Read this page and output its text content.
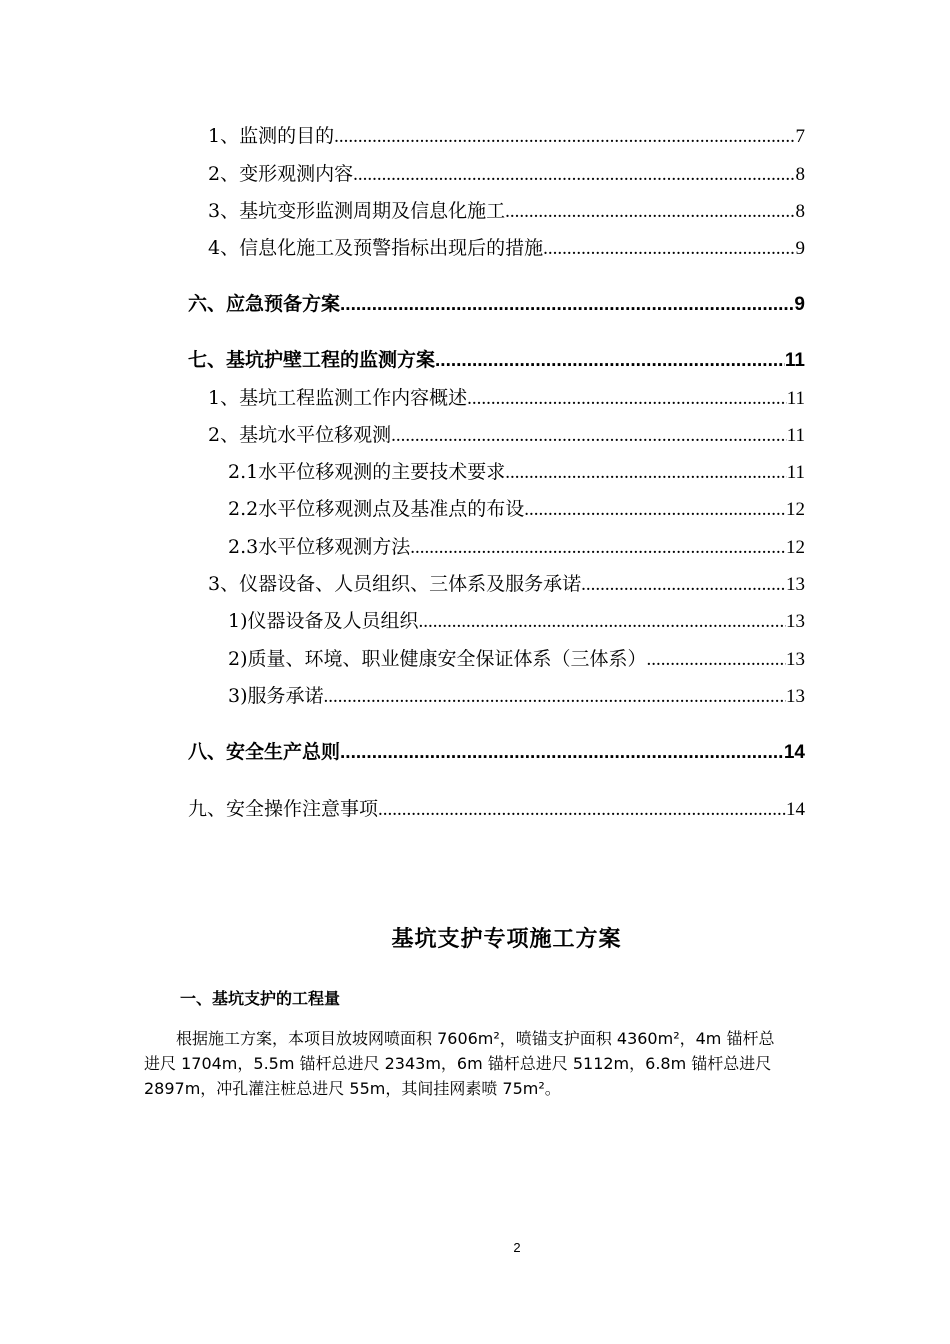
1、监测的目的 .....	7
2、变形观测内容 .....	8
3、基坑变形监测周期及信息化施工 .....	8
4、信息化施工及预警指标出现后的措施 .....	9
六、应急预备方案 .....	9
七、基坑护壁工程的监测方案 .....	11
1、基坑工程监测工作内容概述 .....	11
2、基坑水平位移观测 .....	11
2.1水平位移观测的主要技术要求 .....	11
2.2水平位移观测点及基准点的布设 .....	12
2.3水平位移观测方法 .....	12
3、仪器设备、人员组织、三体系及服务承诺 .....	13
1)仪器设备及人员组织 .....	13
2)质量、环境、职业健康安全保证体系（三体系） .....	13
3)服务承诺 .....	13
八、安全生产总则 .....	14
九、安全操作注意事项 .....	14
基坑支护专项施工方案
一、基坑支护的工程量
根据施工方案，本项目放坡网喷面积 7606m²，喷锚支护面积 4360m²，4m 锚杆总
进尺 1704m，5.5m 锚杆总进尺 2343m，6m 锚杆总进尺 5112m，6.8m 锚杆总进尺
2897m，冲孔灌注桩总进尺 55m，其间挂网素喷 75m²。
2
